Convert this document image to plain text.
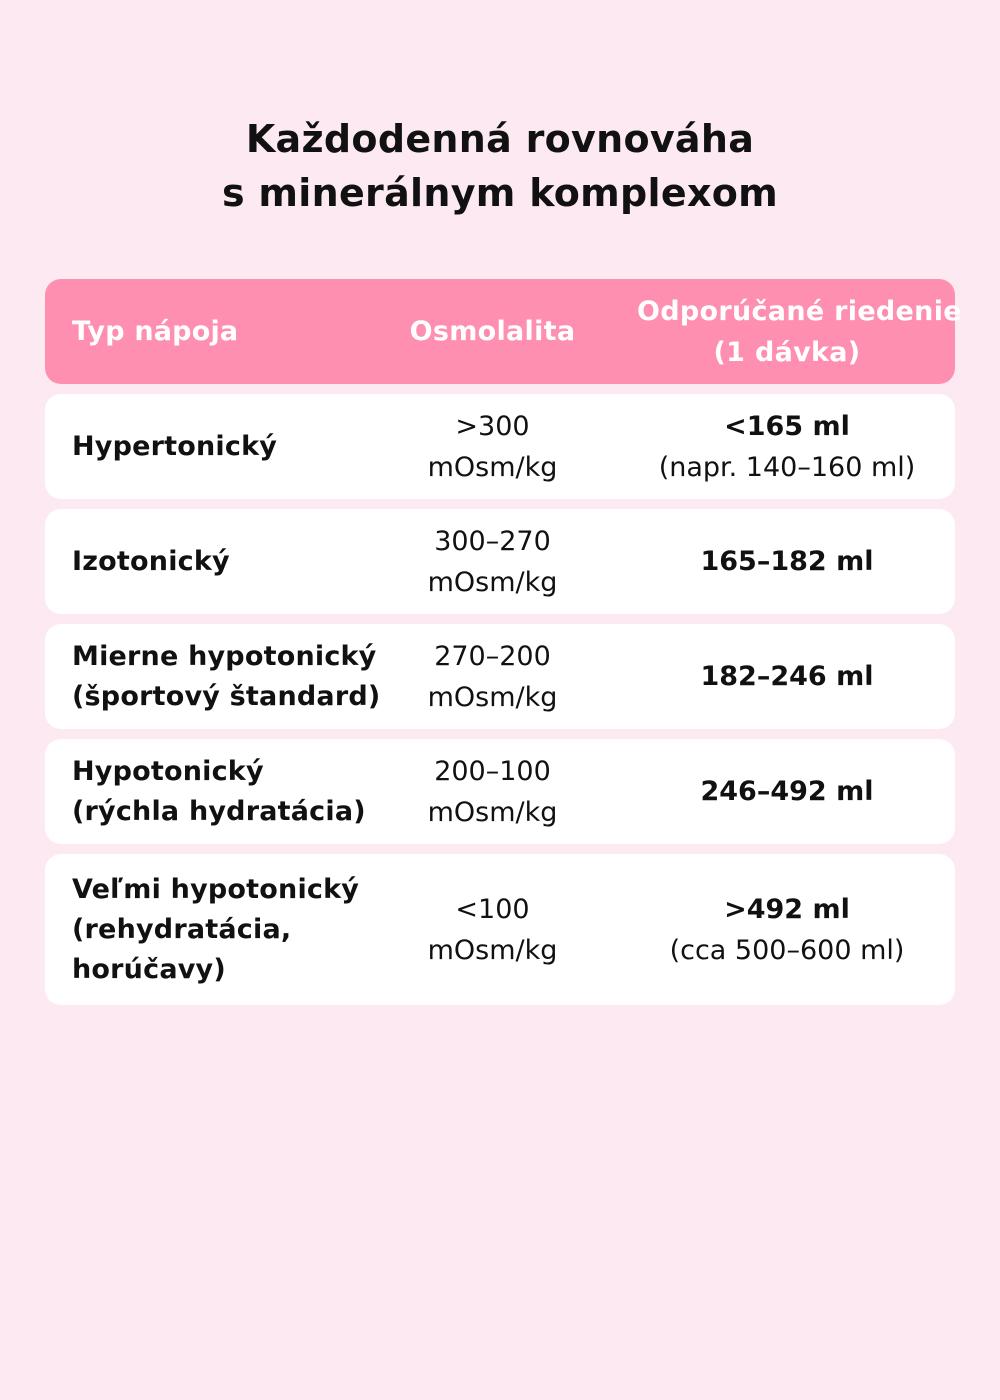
Každodenná rovnováha
s minerálnym komplexom
Typ nápoja	Osmolalita
Odporúčané riedenie
(1 dávka)
Hypertonický
>300
mOsm/kg
<165 ml
(napr. 140–160 ml)
Izotonický
300–270
mOsm/kg
165–182 ml
Mierne hypotonický
(športový štandard)
270–200
mOsm/kg
182–246 ml
Hypotonický
(rýchla hydratácia)
200–100
mOsm/kg
246–492 ml
Veľmi hypotonický
(rehydratácia,
horúčavy)
<100
mOsm/kg
>492 ml
(cca 500–600 ml)
